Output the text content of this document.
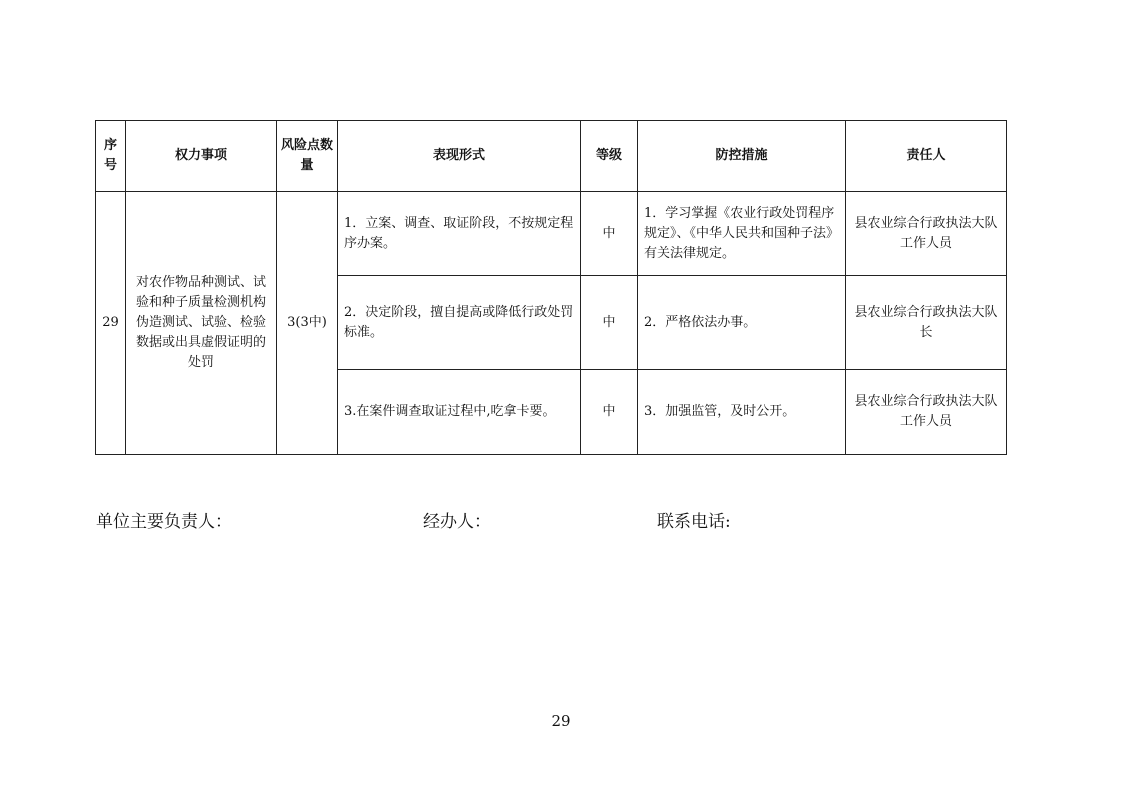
序号	权力事项	风险点数量	表现形式	等级	防控措施	责任人
29	对农作物品种测试、试验和种子质量检测机构伪造测试、试验、检验数据或出具虚假证明的处罚	3(3中)	1．立案、调查、取证阶段，不按规定程序办案。	中	1．学习掌握《农业行政处罚程序规定》、《中华人民共和国种子法》有关法律规定。	县农业综合行政执法大队工作人员
			2．决定阶段，擅自提高或降低行政处罚标准。	中	2．严格依法办事。	县农业综合行政执法大队长
			3.在案件调查取证过程中,吃拿卡要。	中	3．加强监管，及时公开。	县农业综合行政执法大队工作人员
单位主要负责人：	经办人：	联系电话:
29
